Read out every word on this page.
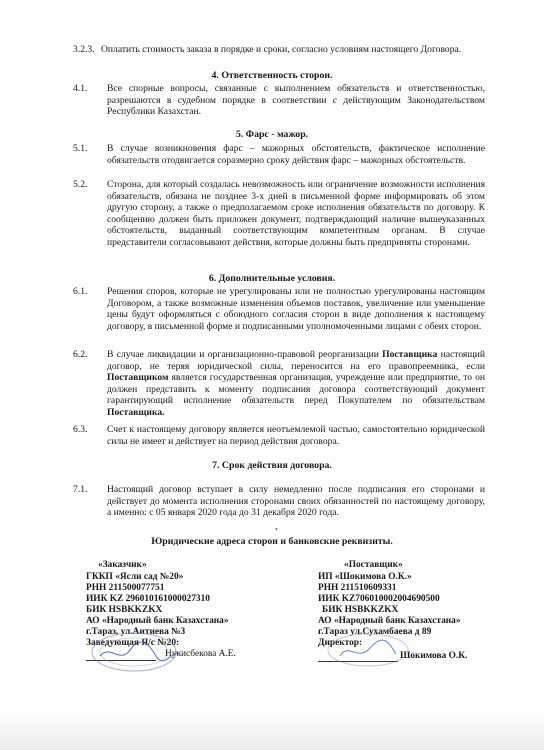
3.2.3. Оплатить стоимость заказа в порядке и сроки, согласно условиям настоящего Договора.
4. Ответственность сторон.
4.1. Все спорные вопросы, связанные с выполнением обязательств и ответственностью, разрешаются в судебном порядке в соответствии с действующим Законодательством Республики Казахстан.
5. Фарс - мажор.
5.1. В случае возникновения фарс – мажорных обстоятельств, фактическое исполнение обязательств отодвигается соразмерно сроку действия фарс – мажорных обстоятельств.
5.2. Сторона, для который создалась невозможность или ограничение возможности исполнения обязательств, обязана не позднее 3-х дней в письменной форме информировать об этом другую сторону, а также о предполагаемом сроке исполнения обязательств по договору. К сообщению должен быть приложен документ, подтверждающий наличие вышеуказанных обстоятельств, выданный соответствующим компетентным органам. В случае представители согласовывают действия, которые должны быть предприняты сторонами.
6. Дополнительные условия.
6.1. Решения споров, которые не урегулированы или не полностью урегулированы настоящим Договором, а также возможные изменения объемов поставок, увеличение или уменьшение цены будут оформляться с обоюдного согласия сторон в виде дополнения к настоящему договору, в письменной форме и подписанными уполномоченными лицами с обеих сторон.
6.2. В случае ликвидации и организационно-правовой реорганизации Поставщика настоящий договор, не теряя юридической силы, переносится на его правопреемника, если Поставщиком является государственная организация, учреждение или предприятие, то он должен представить к моменту подписания договора соответствующий документ гарантирующий исполнение обязательств перед Покупателем по обязательствам Поставщика.
6.3. Счет к настоящему договору является неотъемлемой частью, самостоятельно юридической силы не имеет и действует на период действия договора.
7. Срок действия договора.
7.1. Настоящий договор вступает в силу немедленно после подписания его сторонами и действует до момента исполнения сторонами своих обязанностей по настоящему договору, а именно: с 05 января 2020 года до 31 декабря 2020 года.
•
Юридические адреса сторон и банковские реквизиты.
«Заказчик»
ГККП «Ясли сад №20»
РНН 211500077751
ИИК KZ 296010161000027310
БИК HSBKKZKX
АО «Народный банк Казахстана»
г.Тараз, ул.Аитиева №3
Заведующая Я/с №20:
Нукисбекова А.Е.
«Поставщик»
ИП «Шокимова О.К.»
РНН 211510609331
ИИК KZ706010002004690500
БИК HSBKKZKX
АО «Народный банк Казахстана»
г.Тараз ул.Сухамбаева д 89
Директор:
Шокимова О.К.
